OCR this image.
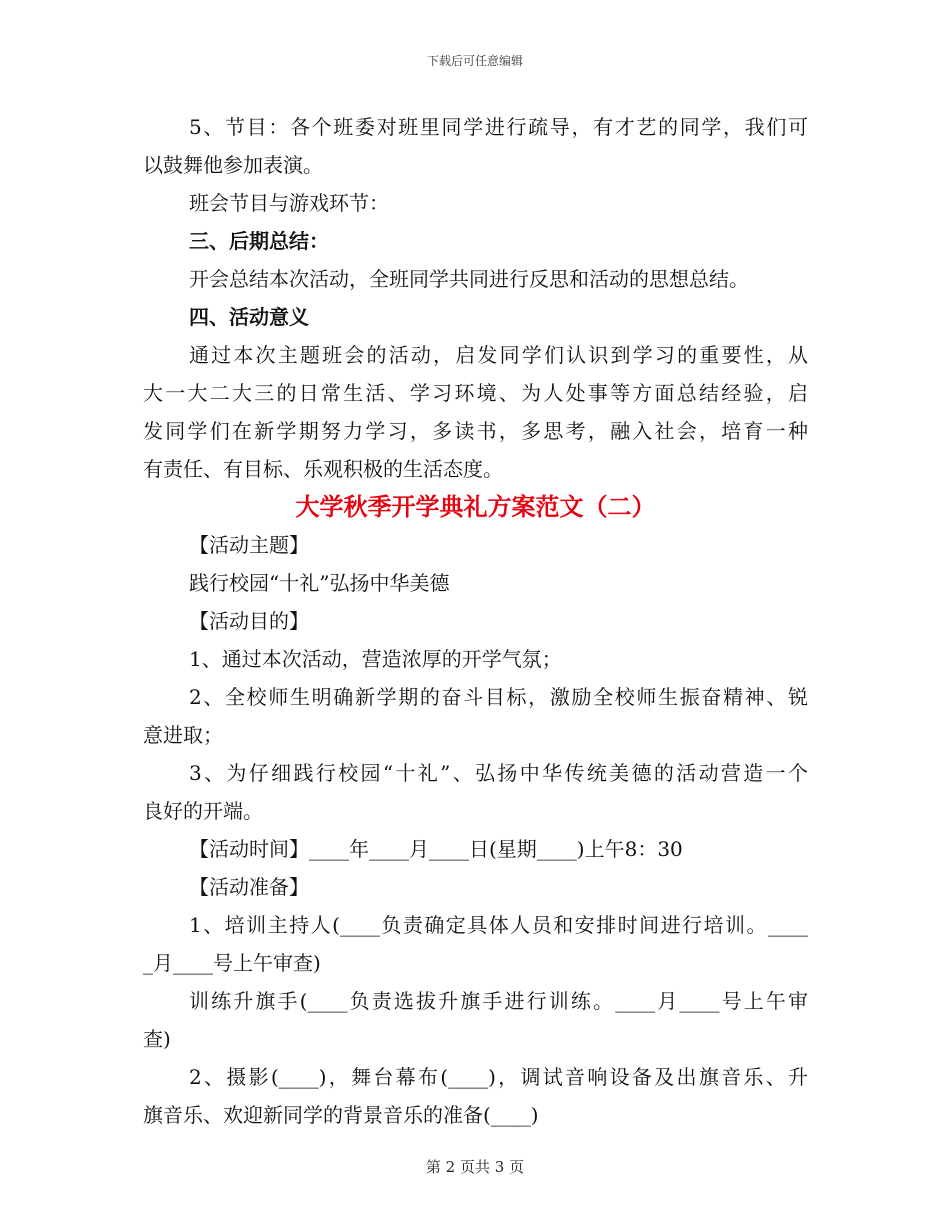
下载后可任意编辑
5、节目：各个班委对班里同学进行疏导，有才艺的同学，我们可
以鼓舞他参加表演。
班会节目与游戏环节：
三、后期总结：
开会总结本次活动，全班同学共同进行反思和活动的思想总结。
四、活动意义
通过本次主题班会的活动，启发同学们认识到学习的重要性，从
大一大二大三的日常生活、学习环境、为人处事等方面总结经验，启
发同学们在新学期努力学习，多读书，多思考，融入社会，培育一种
有责任、有目标、乐观积极的生活态度。
大学秋季开学典礼方案范文（二）
【活动主题】
践行校园“十礼”弘扬中华美德
【活动目的】
1、通过本次活动，营造浓厚的开学气氛；
2、全校师生明确新学期的奋斗目标，激励全校师生振奋精神、锐
意进取；
3、为仔细践行校园“十礼”、弘扬中华传统美德的活动营造一个
良好的开端。
【活动时间】____年____月____日(星期____)上午8：30
【活动准备】
1、培训主持人(____负责确定具体人员和安排时间进行培训。____
_月____号上午审查)
训练升旗手(____负责选拔升旗手进行训练。____月____号上午审
查)
2、摄影(____)，舞台幕布(____)，调试音响设备及出旗音乐、升
旗音乐、欢迎新同学的背景音乐的准备(____)
第 2 页共 3 页
